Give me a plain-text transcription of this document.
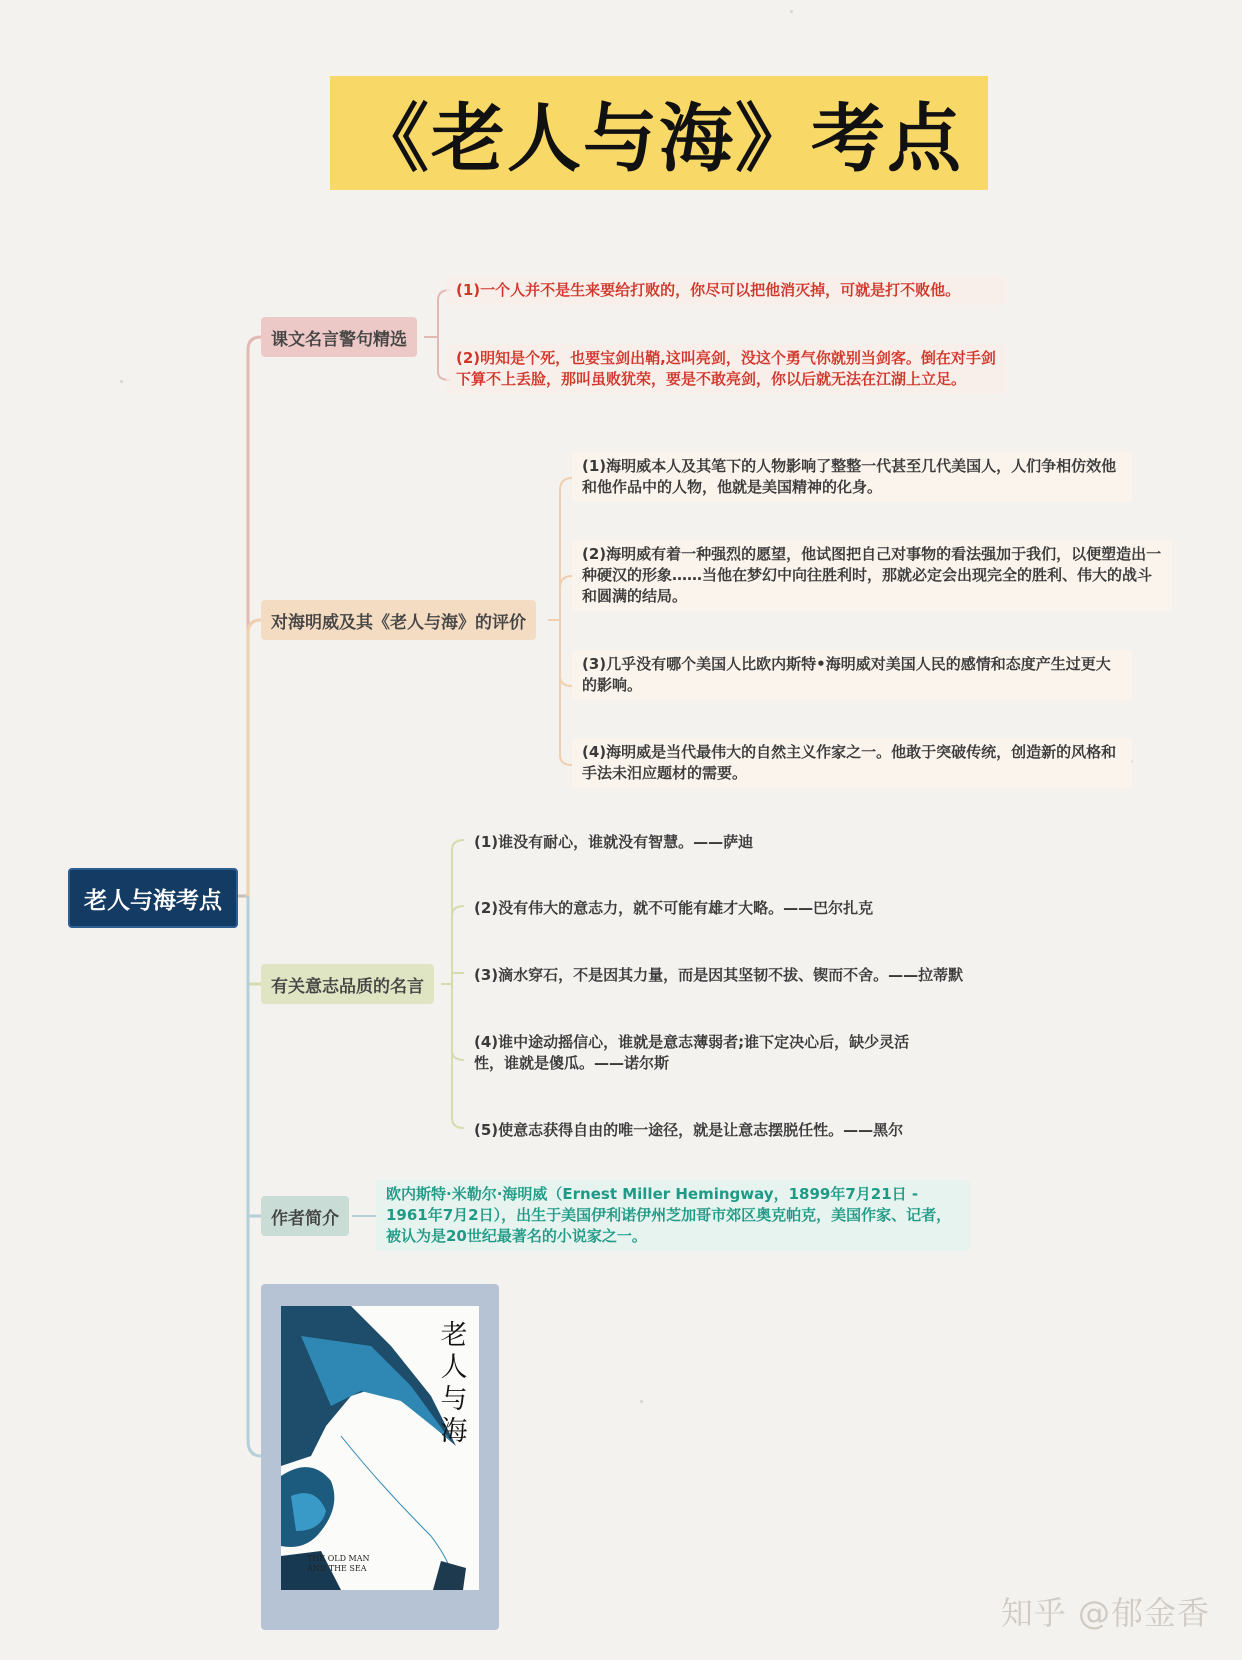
《老人与海》考点
老人与海考点
课文名言警句精选
对海明威及其《老人与海》的评价
有关意志品质的名言
作者简介
(1)一个人并不是生来要给打败的，你尽可以把他消灭掉，可就是打不败他。
(2)明知是个死，也要宝剑出鞘,这叫亮剑，没这个勇气你就别当剑客。倒在对手剑下算不上丢脸，那叫虽败犹荣，要是不敢亮剑，你以后就无法在江湖上立足。
(1)海明威本人及其笔下的人物影响了整整一代甚至几代美国人，人们争相仿效他和他作品中的人物，他就是美国精神的化身。
(2)海明威有着一种强烈的愿望，他试图把自己对事物的看法强加于我们，以便塑造出一种硬汉的形象……当他在梦幻中向往胜利时，那就必定会出现完全的胜利、伟大的战斗和圆满的结局。
(3)几乎没有哪个美国人比欧内斯特•海明威对美国人民的感情和态度产生过更大的影响。
(4)海明威是当代最伟大的自然主义作家之一。他敢于突破传统，创造新的风格和手法未汨应题材的需要。
(1)谁没有耐心，谁就没有智慧。——萨迪
(2)没有伟大的意志力，就不可能有雄才大略。——巴尔扎克
(3)滴水穿石，不是因其力量，而是因其坚韧不拔、锲而不舍。——拉蒂默
(4)谁中途动摇信心，谁就是意志薄弱者;谁下定决心后，缺少灵活性，谁就是傻瓜。——诺尔斯
(5)使意志获得自由的唯一途径，就是让意志摆脱任性。——黑尔
欧内斯特·米勒尔·海明威（Ernest Miller Hemingway，1899年7月21日 - 1961年7月2日），出生于美国伊利诺伊州芝加哥市郊区奥克帕克，美国作家、记者，被认为是20世纪最著名的小说家之一。
老人与海
THE OLD MAN
AND THE SEA
知乎 @郁金香
